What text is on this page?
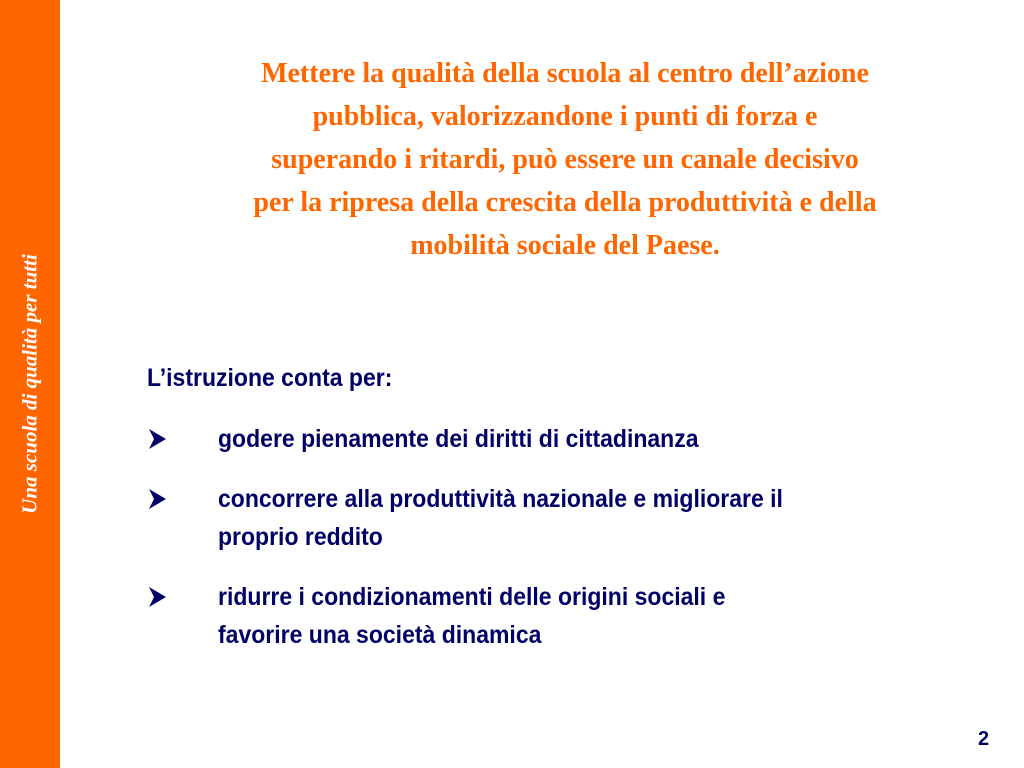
Una scuola di qualità per tutti
Mettere la qualità della scuola al centro dell’azione
pubblica, valorizzandone i punti di forza e
superando i ritardi, può essere un canale decisivo
per la ripresa della crescita della produttività e della
mobilità sociale del Paese.
L’istruzione conta per:
godere pienamente dei diritti di cittadinanza
concorrere alla produttività nazionale e migliorare il
proprio reddito
ridurre i condizionamenti delle origini sociali e
favorire una società dinamica
2
